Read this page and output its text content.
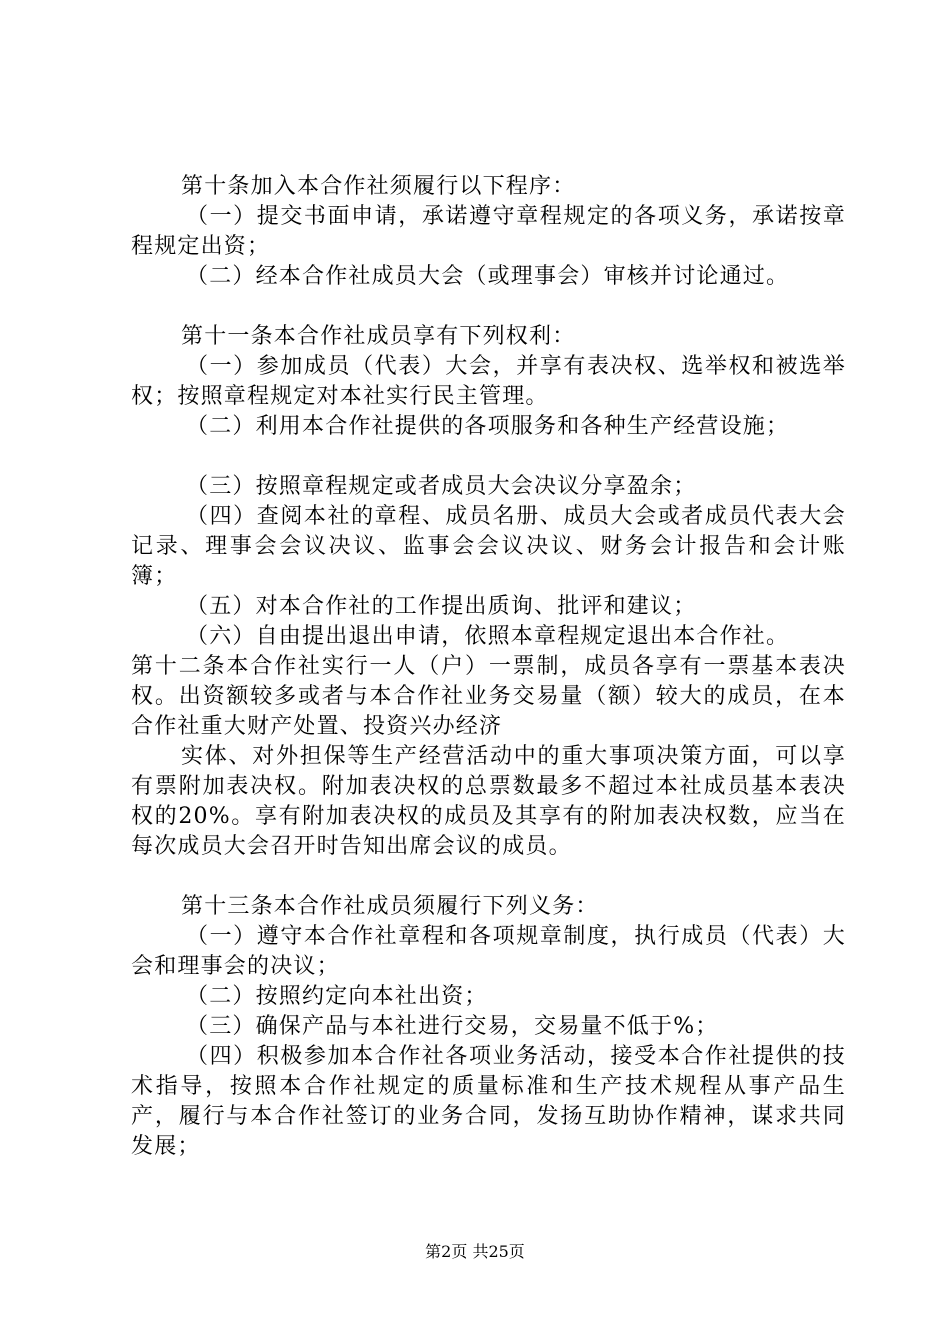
第十条加入本合作社须履行以下程序：

（一）提交书面申请，承诺遵守章程规定的各项义务，承诺按章程规定出资；

（二）经本合作社成员大会（或理事会）审核并讨论通过。

第十一条本合作社成员享有下列权利：

（一）参加成员（代表）大会，并享有表决权、选举权和被选举权；按照章程规定对本社实行民主管理。

（二）利用本合作社提供的各项服务和各种生产经营设施；

（三）按照章程规定或者成员大会决议分享盈余；

（四）查阅本社的章程、成员名册、成员大会或者成员代表大会记录、理事会会议决议、监事会会议决议、财务会计报告和会计账簿；

（五）对本合作社的工作提出质询、批评和建议；

（六）自由提出退出申请，依照本章程规定退出本合作社。

第十二条本合作社实行一人（户）一票制，成员各享有一票基本表决权。出资额较多或者与本合作社业务交易量（额）较大的成员，在本合作社重大财产处置、投资兴办经济

实体、对外担保等生产经营活动中的重大事项决策方面，可以享有票附加表决权。附加表决权的总票数最多不超过本社成员基本表决权的20%。享有附加表决权的成员及其享有的附加表决权数，应当在每次成员大会召开时告知出席会议的成员。

第十三条本合作社成员须履行下列义务：

（一）遵守本合作社章程和各项规章制度，执行成员（代表）大会和理事会的决议；

（二）按照约定向本社出资；

（三）确保产品与本社进行交易，交易量不低于%；

（四）积极参加本合作社各项业务活动，接受本合作社提供的技术指导，按照本合作社规定的质量标准和生产技术规程从事产品生产，履行与本合作社签订的业务合同，发扬互助协作精神，谋求共同发展；

第2页 共25页
